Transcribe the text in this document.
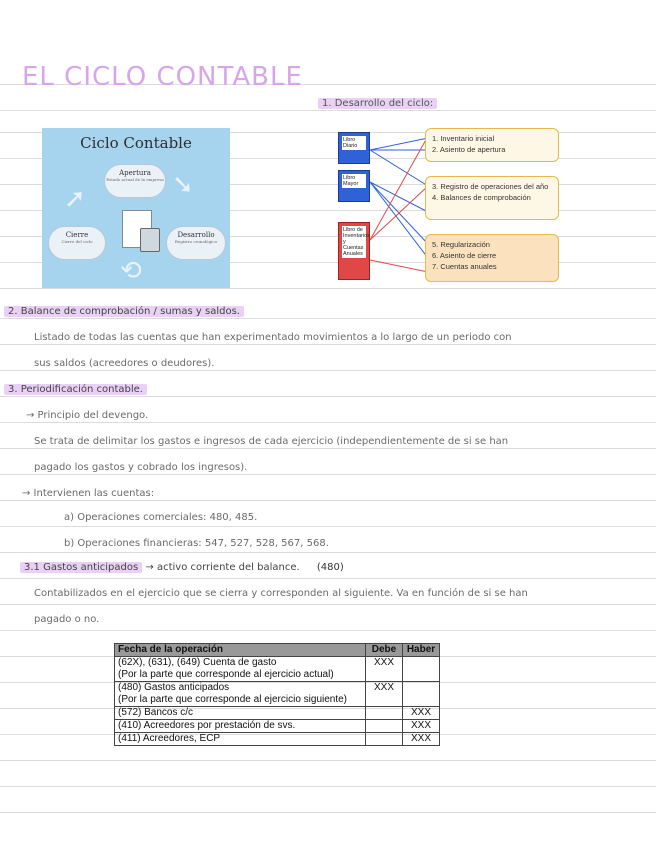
EL CICLO CONTABLE
1. Desarrollo del ciclo:
Ciclo Contable
Apertura
Estado actual de la empresa
Cierre
Cierre del ciclo
Desarrollo
Registro cronológico
➘
➚
⟲
Libro Diario
Libro Mayor
Libro de Inventarios y Cuentas Anuales
1. Inventario inicial
2. Asiento de apertura
3. Registro de operaciones del año
4. Balances de comprobación
5. Regularización
6. Asiento de cierre
7. Cuentas anuales
2. Balance de comprobación / sumas y saldos.
Listado de todas las cuentas que han experimentado movimientos a lo largo de un periodo con
sus saldos (acreedores o deudores).
3. Periodificación contable.
→ Principio del devengo.
Se trata de delimitar los gastos e ingresos de cada ejercicio (independientemente de si se han
pagado los gastos y cobrado los ingresos).
→ Intervienen las cuentas:
a) Operaciones comerciales: 480, 485.
b) Operaciones financieras: 547, 527, 528, 567, 568.
3.1 Gastos anticipados → activo corriente del balance. (480)
Contabilizados en el ejercicio que se cierra y corresponden al siguiente. Va en función de si se han
pagado o no.
Fecha de la operación	Debe	Haber

(62X), (631), (649) Cuenta de gasto
(Por la parte que corresponde al ejercicio actual)	XXX	

(480) Gastos anticipados
(Por la parte que corresponde al ejercicio siguiente)	XXX	
(572) Bancos c/c		XXX
(410) Acreedores por prestación de svs.		XXX
(411) Acreedores, ECP		XXX
